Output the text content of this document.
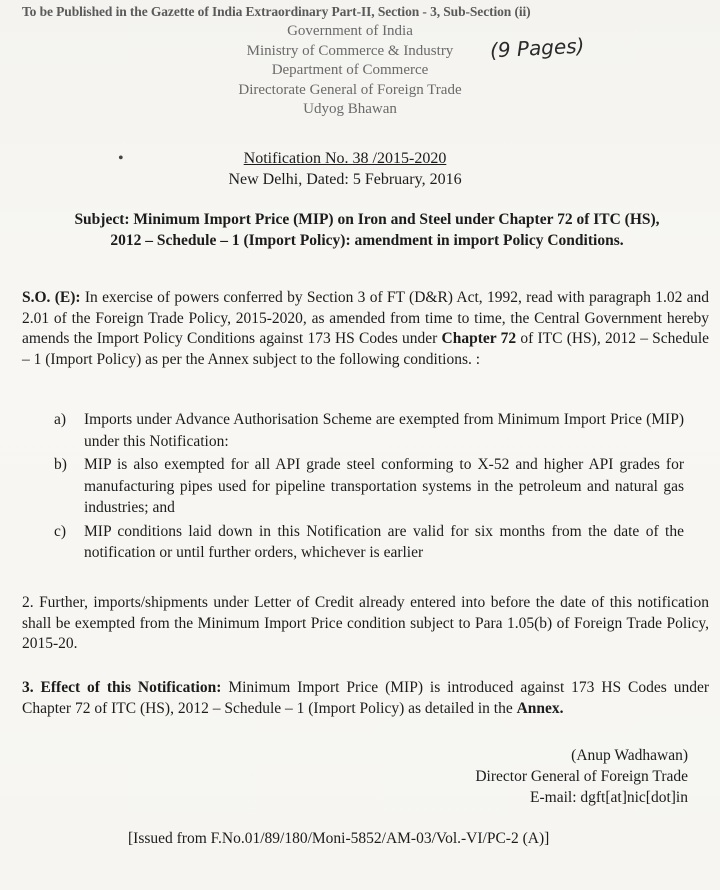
To be Published in the Gazette of India Extraordinary Part-II, Section - 3, Sub-Section (ii)
(9 Pages)
Government of India
Ministry of Commerce & Industry
Department of Commerce
Directorate General of Foreign Trade
Udyog Bhawan
•	Notification No. 38 /2015-2020
New Delhi, Dated: 5 February, 2016
Subject: Minimum Import Price (MIP) on Iron and Steel under Chapter 72 of ITC (HS),
2012 – Schedule – 1 (Import Policy): amendment in import Policy Conditions.
S.O. (E): In exercise of powers conferred by Section 3 of FT (D&R) Act, 1992, read with paragraph 1.02 and 2.01 of the Foreign Trade Policy, 2015-2020, as amended from time to time, the Central Government hereby amends the Import Policy Conditions against 173 HS Codes under Chapter 72 of ITC (HS), 2012 – Schedule – 1 (Import Policy) as per the Annex subject to the following conditions. :
a)	Imports under Advance Authorisation Scheme are exempted from Minimum Import Price (MIP) under this Notification:
b)	MIP is also exempted for all API grade steel conforming to X-52 and higher API grades for manufacturing pipes used for pipeline transportation systems in the petroleum and natural gas industries; and
c)	MIP conditions laid down in this Notification are valid for six months from the date of the notification or until further orders, whichever is earlier
2. Further, imports/shipments under Letter of Credit already entered into before the date of this notification shall be exempted from the Minimum Import Price condition subject to Para 1.05(b) of Foreign Trade Policy, 2015-20.
3. Effect of this Notification: Minimum Import Price (MIP) is introduced against 173 HS Codes under Chapter 72 of ITC (HS), 2012 – Schedule – 1 (Import Policy) as detailed in the Annex.
(Anup Wadhawan)
Director General of Foreign Trade
E-mail: dgft[at]nic[dot]in
[Issued from F.No.01/89/180/Moni-5852/AM-03/Vol.-VI/PC-2 (A)]
